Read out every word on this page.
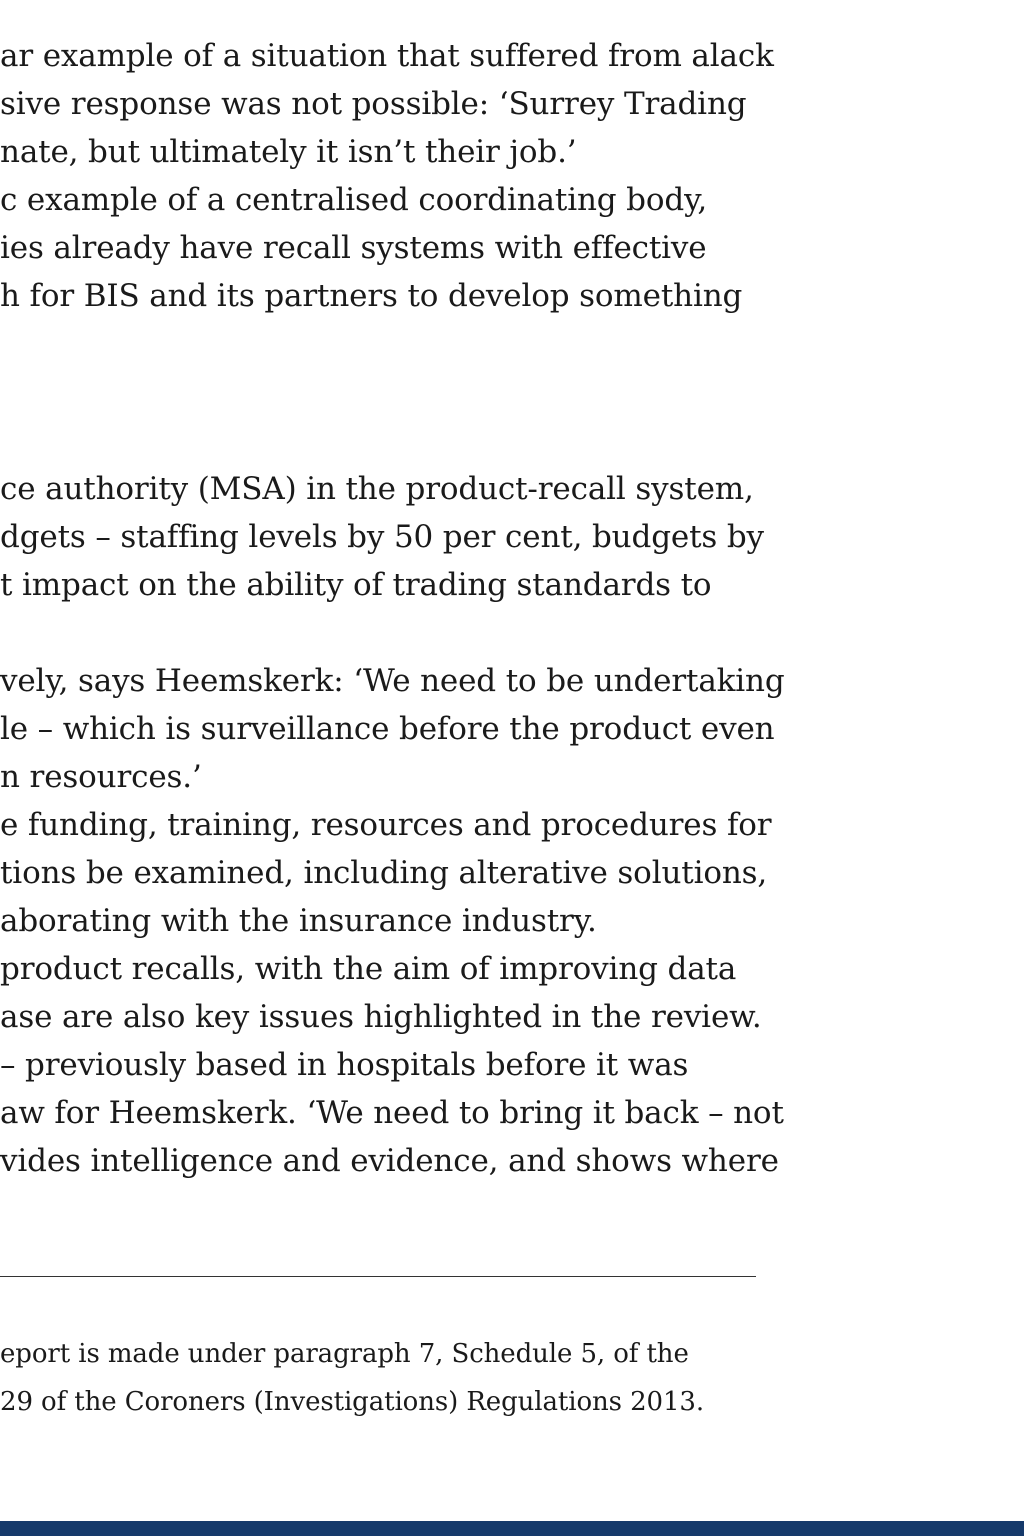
ar example of a situation that suffered from alack
sive response was not possible: ‘Surrey Trading
nate, but ultimately it isn’t their job.’
c example of a centralised coordinating body,
ies already have recall systems with effective
h for BIS and its partners to develop something
ce authority (MSA) in the product-recall system,
dgets – staffing levels by 50 per cent, budgets by
t impact on the ability of trading standards to
vely, says Heemskerk: ‘We need to be undertaking
le – which is surveillance before the product even
n resources.’
e funding, training, resources and procedures for
tions be examined, including alterative solutions,
aborating with the insurance industry.
product recalls, with the aim of improving data
ase are also key issues highlighted in the review.
– previously based in hospitals before it was
aw for Heemskerk. ‘We need to bring it back – not
vides intelligence and evidence, and shows where
eport is made under paragraph 7, Schedule 5, of the
29 of the Coroners (Investigations) Regulations 2013.
